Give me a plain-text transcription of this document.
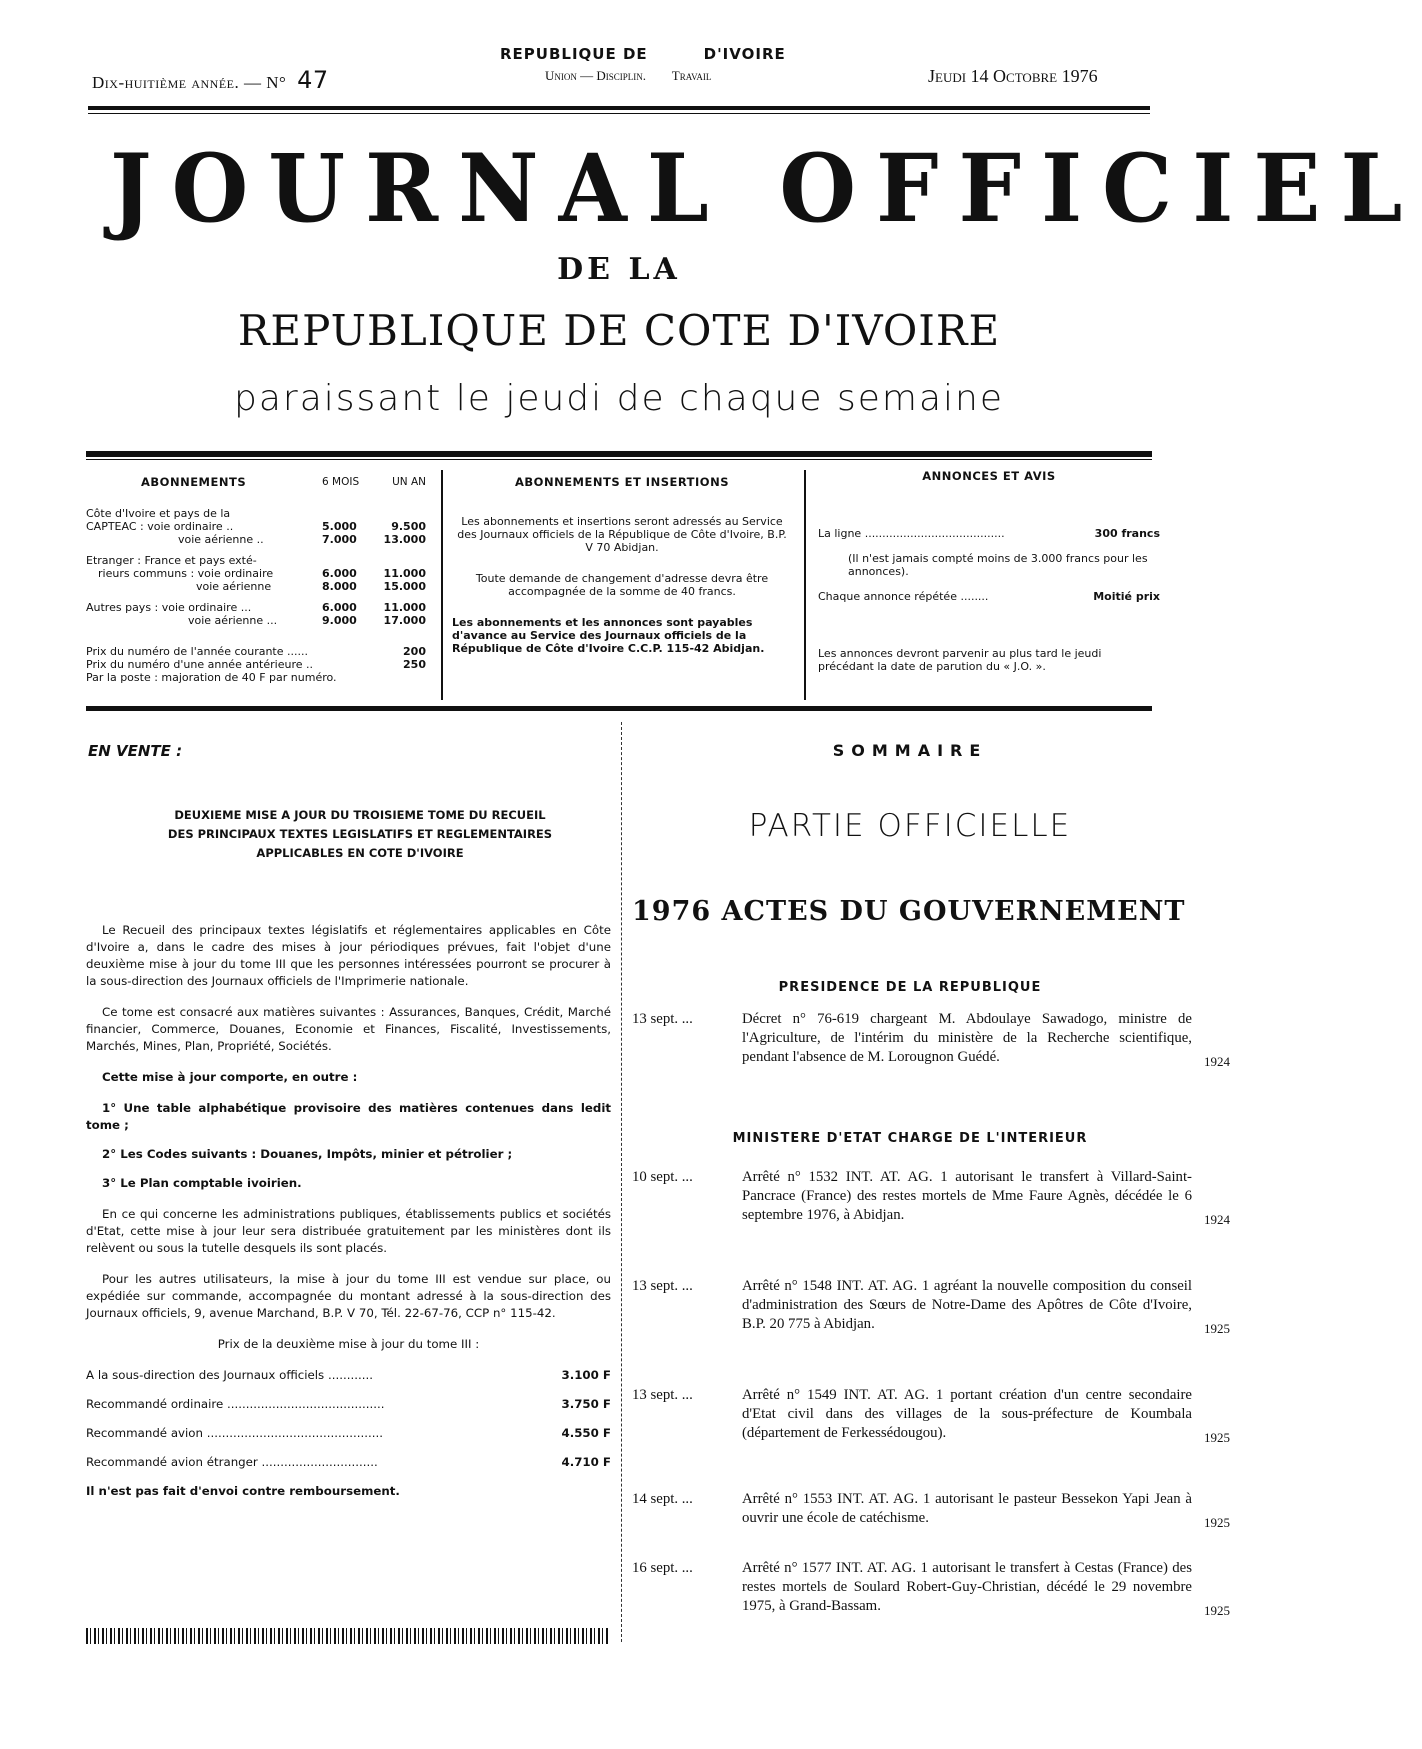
Dix-huitième année. — N° 47
REPUBLIQUE DE         D'IVOIRE
Union — Disciplin.        Travail	Jeudi 14 Octobre 1976
JOURNAL OFFICIEL
DE LA
REPUBLIQUE DE COTE D'IVOIRE
paraissant le jeudi de chaque semaine
ABONNEMENTS	6 MOIS	UN AN
Côte d'Ivoire et pays de la
CAPTEAC : voie ordinaire ..	5.000	9.500
voie aérienne ..	7.000 13.000
Etranger : France et pays exté-
rieurs communs : voie ordinaire	6.000 11.000
voie aérienne	8.000 15.000
Autres pays : voie ordinaire ...	6.000 11.000
voie aérienne ...	9.000 17.000
Prix du numéro de l'année courante ......	200
Prix du numéro d'une année antérieure ..	250
Par la poste : majoration de 40 F par numéro.
ABONNEMENTS ET INSERTIONS
Les abonnements et insertions seront adressés au Service des Journaux officiels de la République de Côte d'Ivoire, B.P. V 70 Abidjan.
Toute demande de changement d'adresse devra être accompagnée de la somme de 40 francs.
Les abonnements et les annonces sont payables d'avance au Service des Journaux officiels de la République de Côte d'Ivoire C.C.P. 115-42 Abidjan.
ANNONCES ET AVIS
La ligne ........................................	300 francs
(Il n'est jamais compté moins de 3.000 francs pour les annonces).
Chaque annonce répétée ........	Moitié prix
Les annonces devront parvenir au plus tard le jeudi précédant la date de parution du « J.O. ».
EN VENTE :
DEUXIEME MISE A JOUR DU TROISIEME TOME DU RECUEIL
DES PRINCIPAUX TEXTES LEGISLATIFS ET REGLEMENTAIRES
APPLICABLES EN COTE D'IVOIRE

Le Recueil des principaux textes législatifs et réglementaires applicables en Côte d'Ivoire a, dans le cadre des mises à jour périodiques prévues, fait l'objet d'une deuxième mise à jour du tome III que les personnes intéressées pourront se procurer à la sous-direction des Journaux officiels de l'Imprimerie nationale.

Ce tome est consacré aux matières suivantes : Assurances, Banques, Crédit, Marché financier, Commerce, Douanes, Economie et Finances, Fiscalité, Investissements, Marchés, Mines, Plan, Propriété, Sociétés.

Cette mise à jour comporte, en outre :

1° Une table alphabétique provisoire des matières contenues dans ledit tome ;

2° Les Codes suivants : Douanes, Impôts, minier et pétrolier ;

3° Le Plan comptable ivoirien.

En ce qui concerne les administrations publiques, établissements publics et sociétés d'Etat, cette mise à jour leur sera distribuée gratuitement par les ministères dont ils relèvent ou sous la tutelle desquels ils sont placés.

Pour les autres utilisateurs, la mise à jour du tome III est vendue sur place, ou expédiée sur commande, accompagnée du montant adressé à la sous-direction des Journaux officiels, 9, avenue Marchand, B.P. V 70, Tél. 22-67-76, CCP n° 115-42.

Prix de la deuxième mise à jour du tome III :

A la sous-direction des Journaux officiels ............	3.100 F
Recommandé ordinaire ..........................................	3.750 F
Recommandé avion ...............................................	4.550 F
Recommandé avion étranger ...............................	4.710 F

Il n'est pas fait d'envoi contre remboursement.

SOMMAIRE
PARTIE OFFICIELLE
1976 ACTES DU GOUVERNEMENT
PRESIDENCE DE LA REPUBLIQUE
13 sept. ...	Décret n° 76-619 chargeant M. Abdoulaye Sawadogo, ministre de l'Agriculture, de l'intérim du ministère de la Recherche scientifique, pendant l'absence de M. Lorougnon Guédé.	1924
MINISTERE D'ETAT CHARGE DE L'INTERIEUR
10 sept. ...	Arrêté n° 1532 INT. AT. AG. 1 autorisant le transfert à Villard-Saint-Pancrace (France) des restes mortels de Mme Faure Agnès, décédée le 6 septembre 1976, à Abidjan.	1924
13 sept. ...	Arrêté n° 1548 INT. AT. AG. 1 agréant la nouvelle composition du conseil d'administration des Sœurs de Notre-Dame des Apôtres de Côte d'Ivoire, B.P. 20 775 à Abidjan.	1925
13 sept. ...	Arrêté n° 1549 INT. AT. AG. 1 portant création d'un centre secondaire d'Etat civil dans des villages de la sous-préfecture de Koumbala (département de Ferkessédougou).	1925
14 sept. ...	Arrêté n° 1553 INT. AT. AG. 1 autorisant le pasteur Bessekon Yapi Jean à ouvrir une école de catéchisme.	1925
16 sept. ...	Arrêté n° 1577 INT. AT. AG. 1 autorisant le transfert à Cestas (France) des restes mortels de Soulard Robert-Guy-Christian, décédé le 29 novembre 1975, à Grand-Bassam.	1925
